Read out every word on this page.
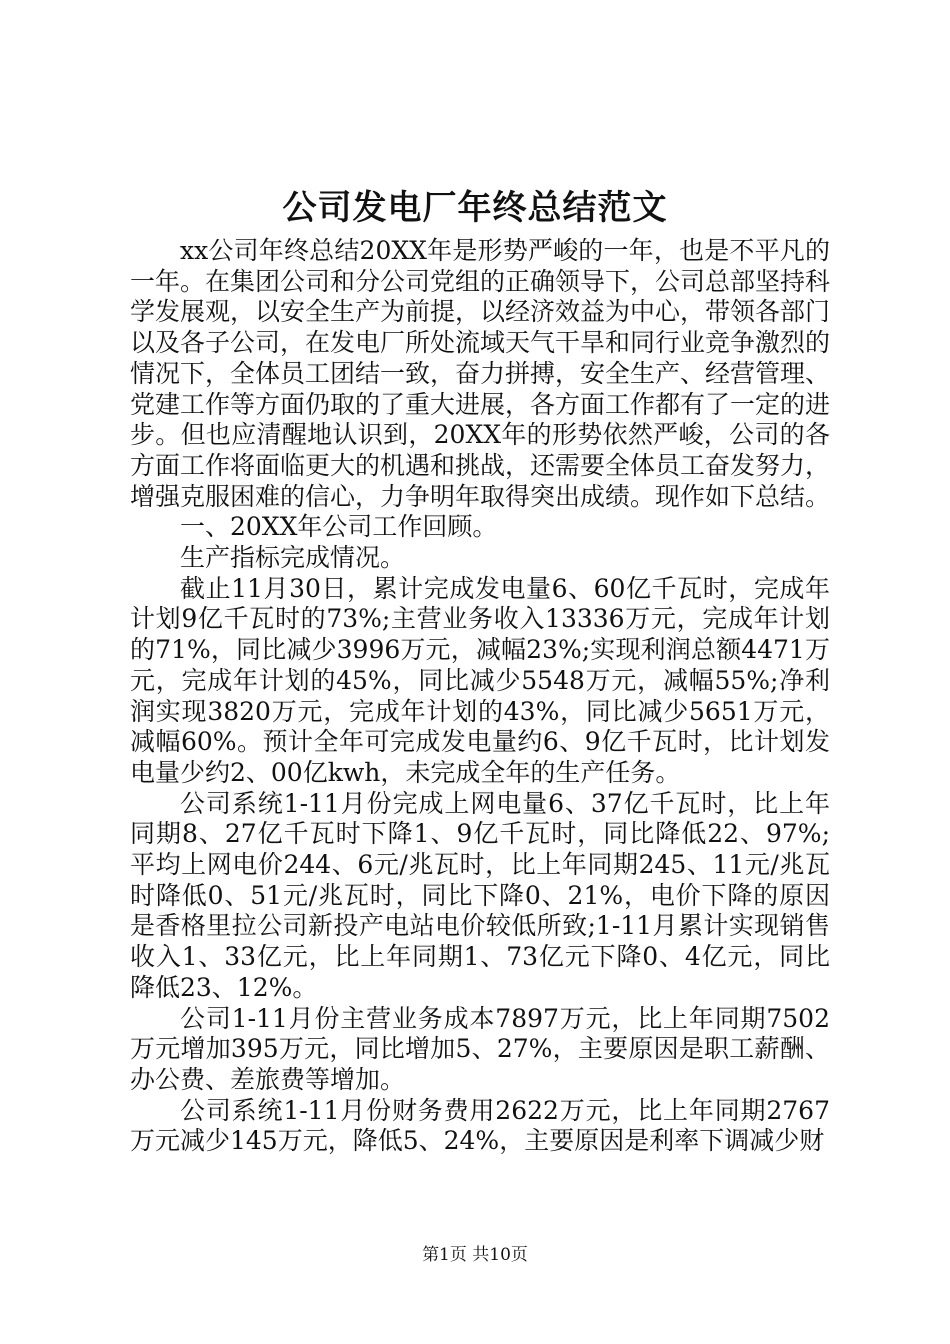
公司发电厂年终总结范文

xx公司年终总结20XX年是形势严峻的一年，也是不平凡的一年。在集团公司和分公司党组的正确领导下，公司总部坚持科学发展观，以安全生产为前提，以经济效益为中心，带领各部门以及各子公司，在发电厂所处流域天气干旱和同行业竞争激烈的情况下，全体员工团结一致，奋力拼搏，安全生产、经营管理、党建工作等方面仍取的了重大进展，各方面工作都有了一定的进步。但也应清醒地认识到，20XX年的形势依然严峻，公司的各方面工作将面临更大的机遇和挑战，还需要全体员工奋发努力，增强克服困难的信心，力争明年取得突出成绩。现作如下总结。

一、20XX年公司工作回顾。

生产指标完成情况。

截止11月30日，累计完成发电量6、60亿千瓦时，完成年计划9亿千瓦时的73%;主营业务收入13336万元，完成年计划的71%，同比减少3996万元，减幅23%;实现利润总额4471万元，完成年计划的45%，同比减少5548万元，减幅55%;净利润实现3820万元，完成年计划的43%，同比减少5651万元，减幅60%。预计全年可完成发电量约6、9亿千瓦时，比计划发电量少约2、00亿kwh，未完成全年的生产任务。

公司系统1-11月份完成上网电量6、37亿千瓦时，比上年同期8、27亿千瓦时下降1、9亿千瓦时，同比降低22、97%;平均上网电价244、6元/兆瓦时，比上年同期245、11元/兆瓦时降低0、51元/兆瓦时，同比下降0、21%，电价下降的原因是香格里拉公司新投产电站电价较低所致;1-11月累计实现销售收入1、33亿元，比上年同期1、73亿元下降0、4亿元，同比降低23、12%。

公司1-11月份主营业务成本7897万元，比上年同期7502万元增加395万元，同比增加5、27%，主要原因是职工薪酬、办公费、差旅费等增加。

公司系统1-11月份财务费用2622万元，比上年同期2767万元减少145万元，降低5、24%，主要原因是利率下调减少财

第1页 共10页
